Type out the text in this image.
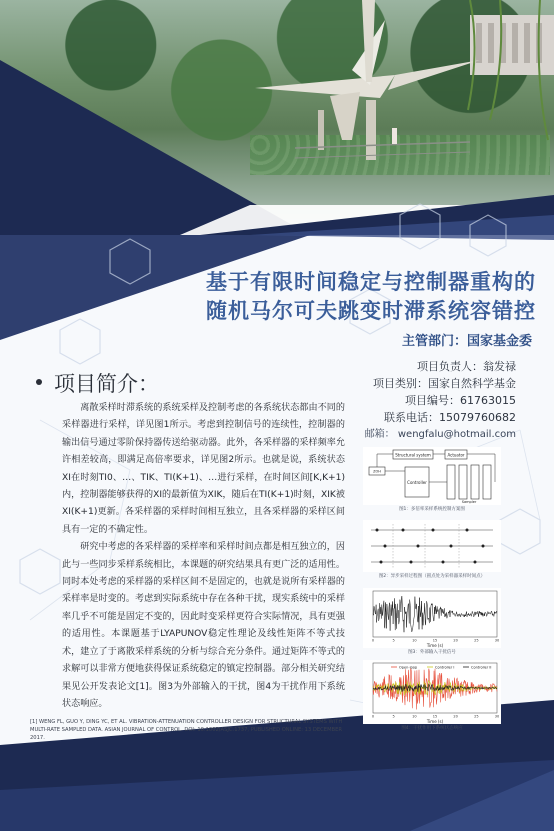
基于有限时间稳定与控制器重构的
随机马尔可夫跳变时滞系统容错控
主管部门：国家基金委
项目负责人：翁发禄
项目类别：国家自然科学基金
项目编号：61763015
联系电话：15079760682
邮箱： wengfalu@hotmail.com
项目简介：

离散采样时滞系统的系统采样及控制考虑的各系统状态都由不同的采样器进行采样，详见图1所示。考虑到控制信号的连续性，控制器的输出信号通过零阶保持器传送给驱动器。此外，各采样器的采样频率允许相差较高，即满足高倍率要求，详见图2所示。也就是说，系统状态XI在时刻TI0、…、TIK、TI(K+1)、…进行采样，在时间区间[K,K+1)内，控制器能够获得的XI的最新值为XIK，随后在TI(K+1)时刻，XIK被XI(K+1)更新。各采样器的采样时间相互独立，且各采样器的采样区间具有一定的不确定性。

研究中考虑的各采样器的采样率和采样时间点都是相互独立的，因此与一些同步采样系统相比，本课题的研究结果具有更广泛的适用性。同时本处考虑的采样器的采样区间不是固定的，也就是说所有采样器的采样率是时变的。考虑到实际系统中存在各种干扰，现实系统中的采样率几乎不可能是固定不变的，因此时变采样更符合实际情况，具有更强的适用性。本课题基于LYAPUNOV稳定性理论及线性矩阵不等式技术，建立了于离散采样系统的分析与综合充分条件。通过矩阵不等式的求解可以非常方便地获得保证系统稳定的镇定控制器。部分相关研究结果见公开发表论文[1]。图3为外部输入的干扰，图4为干扰作用下系统状态响应。

[1] WENG FL, GUO Y, DING YC, ET AL. VIBRATION-ATTENUATION CONTROLLER DESIGN FOR STRUCTURAL SYSTEMS WITH MULTI-RATE SAMPLED DATA. ASIAN JOURNAL OF CONTROL. DOI: 10.1002/ASJC.1737, PUBLISHED ONLINE: 13 DECEMBER 2017.
Structural system	Actuator
ZOH
Controller
Sampler
图1：多倍率采样系统控制方案图
图2：异步采样过程图（圆点处为采样器采样时间点）
0	5	10	15	20	25	30
Time (s)
图3：外部输入干扰信号
Open-loop	Controller I	Controller II
0	5	10	15	20	25	30
Time (s)
图4：干扰作用下系统状态响应
